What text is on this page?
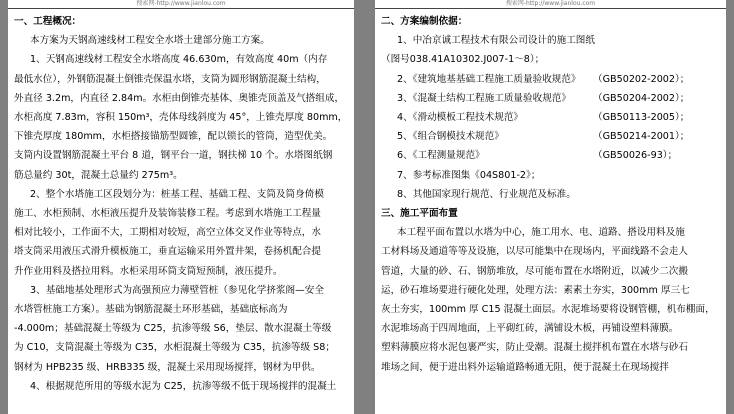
搜索网-http://www.jianlou.com
一、工程概况：
本方案为天钢高速线材工程安全水塔土建部分施工方案。
1、天钢高速线材工程安全水塔高度 46.630m，有效高度 40m（内存
最低水位），外钢筋混凝土倒锥壳保温水塔，支筒为圆形钢筋混凝土结构，
外直径 3.2m，内直径 2.84m。水柜由倒锥壳基体、奥锥壳顶盖及气搭组成，
水柜高度 7.83m，容积 150m³，壳体母线斜度为 45°，上锥壳厚度 80mm，
下锥壳厚度 180mm，水柜搭接锚筋型圆锥，配以锁长的管筒，造型优美。
支筒内设置钢筋混凝土平台 8 道，钢平台一道，钢扶梯 10 个。水塔图纸钢
筋总量约 30t，混凝土总量约 275m³。
2、整个水塔施工区段划分为：桩基工程、基础工程、支筒及筒身倚模
施工、水柜预制、水柜液压提升及装饰装修工程。考虑到水塔施工工程量
相对比较小，工作面不大，工期相对较短，高空立体交叉作业等特点，水
塔支筒采用液压式滑升模板施工，垂直运输采用外置井架，卷扬机配合提
升作业用料及搭拉用料。水柜采用环筒支筒短预制，液压提升。
3、基础地基处理形式为高强预应力薄壁管桩（参见化学挤浆阁—安全
水塔管桩施工方案）。基础为钢筋混凝土环形基础，基础底标高为
-4.000m；基础混凝土等级为 C25，抗渗等级 S6，垫层、散水混凝土等级
为 C10，支筒混凝土等级为 C35，水柜混凝土等级为 C35，抗渗等级 S8；
钢材为 HPB235 级、HRB335 级，混凝土采用现场搅拌，钢材为甲供。
4、根据规范所用的等级水泥为 C25，抗渗等级不低于现场搅拌的混凝土
搜索网-http://www.jianlou.com
二、方案编制依据：
1、中冶京诚工程技术有限公司设计的施工图纸
（图号038.41A10302.J007-1～8）；
2、《建筑地基基础工程施工质量验收规范》 （GB50202-2002）；
3、《混凝土结构工程施工质量验收规范》 （GB50204-2002）；
4、《滑动模板工程技术规范》	（GB50113-2005）；
5、《组合钢模技术规范》	（GB50214-2001）；
6、《工程测量规范》	（GB50026-93）；
7、参考标准图集《04S801-2》；
8、其他国家现行规范、行业规范及标准。
三、施工平面布置
本工程平面布置以水塔为中心，施工用水、电、道路、搭设用料及施
工材料场及通道等等及设施，以尽可能集中在现场内，平面线路不会走人
管道，大量的砂、石、钢筋堆放，尽可能布置在水塔附近，以减少二次搬
运，砂石堆场要进行硬化处理，处理方法：素素土夯实，300mm 厚三七
灰土夯实，100mm 厚 C15 混凝土面层。水泥堆场要将设钢管棚，机布棚面，
水泥堆场高于四周地面，上平砌红砖，满铺设木板，再铺设塑料薄膜。
塑料薄膜应将水泥包裹严实，防止受潮。混凝土搅拌机布置在水塔与砂石
堆场之间，便于进出料外运输道路畅通无阻，便于混凝土在现场搅拌
